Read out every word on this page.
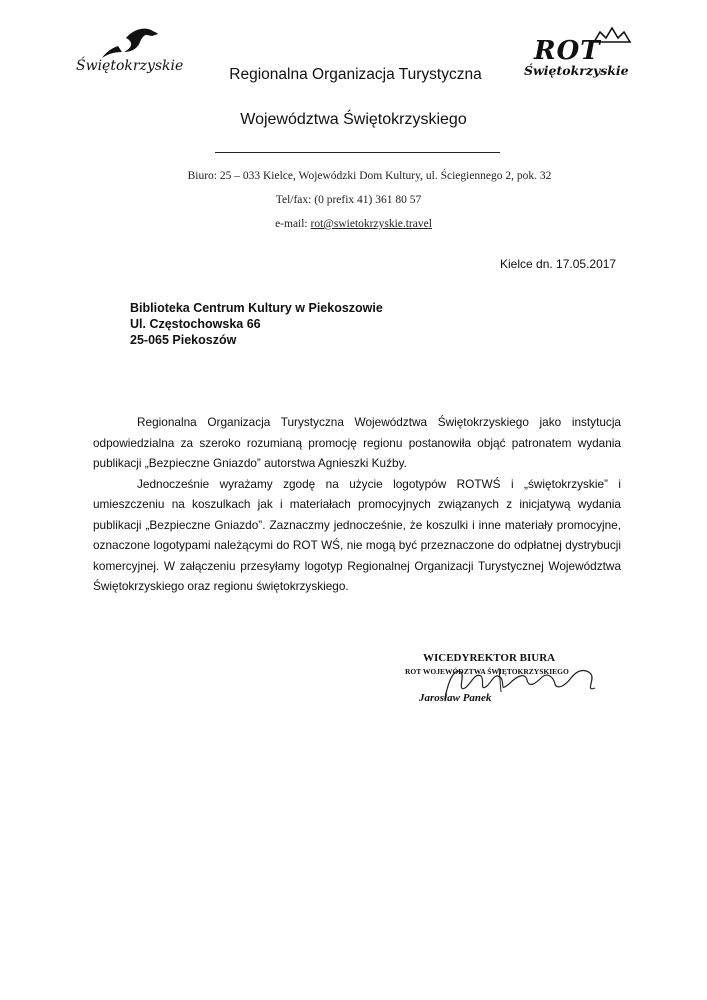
Świętokrzyskie	ROT
Świętokrzyskie
Regionalna Organizacja Turystyczna
Województwa Świętokrzyskiego
Biuro: 25 – 033 Kielce, Wojewódzki Dom Kultury, ul. Ściegiennego 2, pok. 32
Tel/fax: (0 prefix 41) 361 80 57
e-mail: rot@swietokrzyskie.travel
Kielce dn. 17.05.2017
Biblioteka Centrum Kultury w Piekoszowie
Ul. Częstochowska 66
25-065 Piekoszów

Regionalna Organizacja Turystyczna Województwa Świętokrzyskiego jako instytucja odpowiedzialna za szeroko rozumianą promocję regionu postanowiła objąć patronatem wydania publikacji „Bezpieczne Gniazdo” autorstwa Agnieszki Kuźby.

Jednocześnie wyrażamy zgodę na użycie logotypów ROTWŚ i „świętokrzyskie” i umieszczeniu na koszulkach jak i materiałach promocyjnych związanych z inicjatywą wydania publikacji „Bezpieczne Gniazdo”. Zaznaczmy jednocześnie, że koszulki i inne materiały promocyjne, oznaczone logotypami należącymi do ROT WŚ, nie mogą być przeznaczone do odpłatnej dystrybucji komercyjnej. W załączeniu przesyłamy logotyp Regionalnej Organizacji Turystycznej Województwa Świętokrzyskiego oraz regionu świętokrzyskiego.

WICEDYREKTOR BIURA
ROT WOJEWÓDZTWA ŚWIĘTOKRZYSKIEGO
Jarosław Panek
